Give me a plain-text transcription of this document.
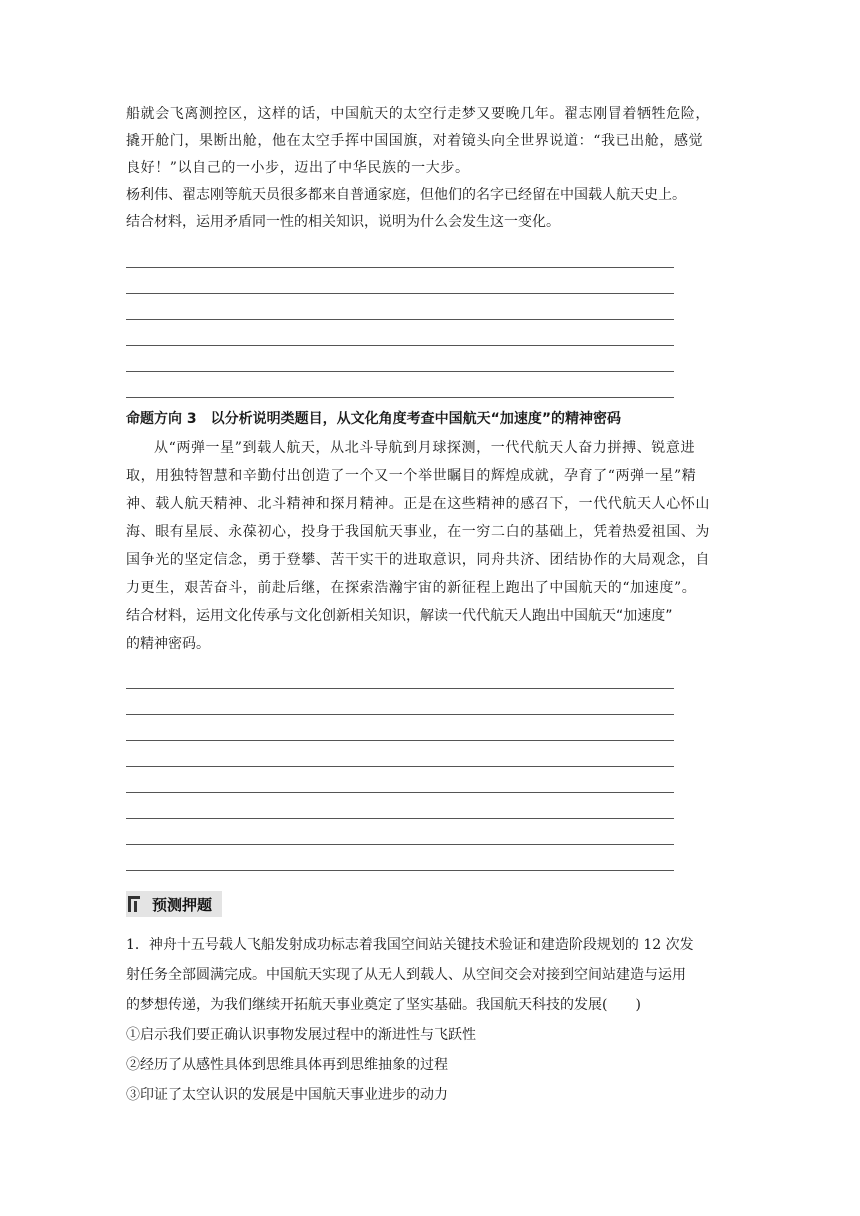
船就会飞离测控区，这样的话，中国航天的太空行走梦又要晚几年。翟志刚冒着牺牲危险，

撬开舱门，果断出舱，他在太空手挥中国国旗，对着镜头向全世界说道：“我已出舱，感觉

良好！”以自己的一小步，迈出了中华民族的一大步。

杨利伟、翟志刚等航天员很多都来自普通家庭，但他们的名字已经留在中国载人航天史上。

结合材料，运用矛盾同一性的相关知识，说明为什么会发生这一变化。

命题方向 3　以分析说明类题目，从文化角度考查中国航天“加速度”的精神密码

从“两弹一星”到载人航天，从北斗导航到月球探测，一代代航天人奋力拼搏、锐意进

取，用独特智慧和辛勤付出创造了一个又一个举世瞩目的辉煌成就，孕育了“两弹一星”精

神、载人航天精神、北斗精神和探月精神。正是在这些精神的感召下，一代代航天人心怀山

海、眼有星辰、永葆初心，投身于我国航天事业，在一穷二白的基础上，凭着热爱祖国、为

国争光的坚定信念，勇于登攀、苦干实干的进取意识，同舟共济、团结协作的大局观念，自

力更生，艰苦奋斗，前赴后继，在探索浩瀚宇宙的新征程上跑出了中国航天的“加速度”。

结合材料，运用文化传承与文化创新相关知识，解读一代代航天人跑出中国航天“加速度”

的精神密码。

预测押题

1．神舟十五号载人飞船发射成功标志着我国空间站关键技术验证和建造阶段规划的 12 次发

射任务全部圆满完成。中国航天实现了从无人到载人、从空间交会对接到空间站建造与运用

的梦想传递，为我们继续开拓航天事业奠定了坚实基础。我国航天科技的发展(　　)

①启示我们要正确认识事物发展过程中的渐进性与飞跃性

②经历了从感性具体到思维具体再到思维抽象的过程

③印证了太空认识的发展是中国航天事业进步的动力
